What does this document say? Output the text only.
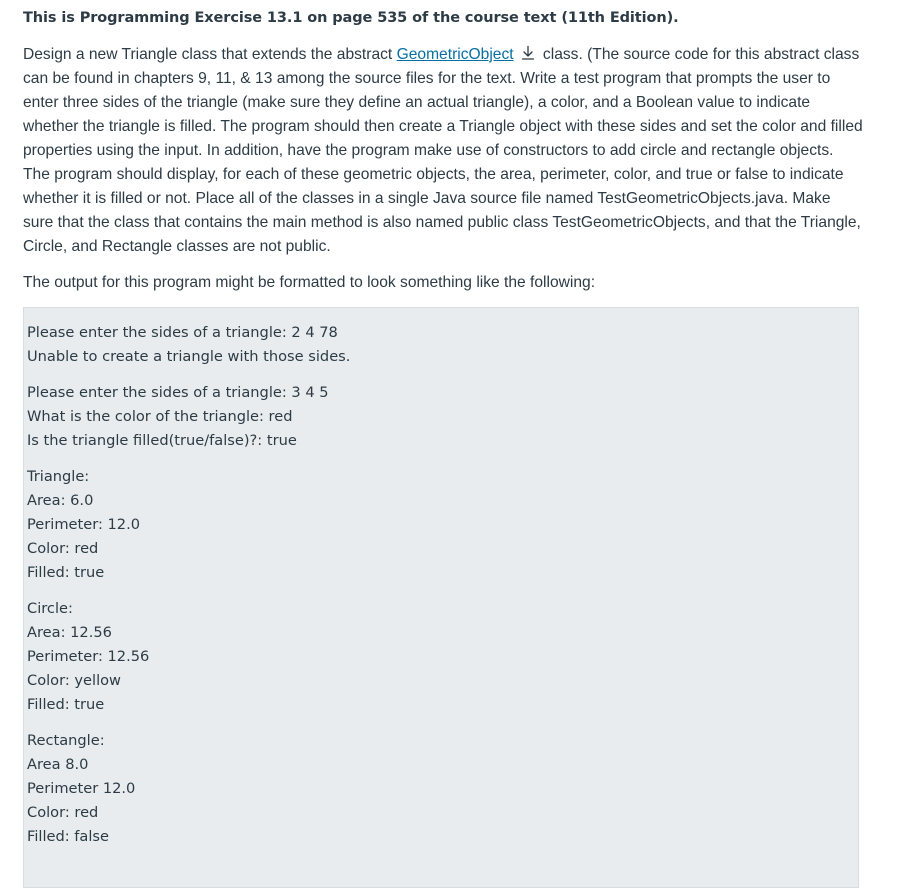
This is Programming Exercise 13.1 on page 535 of the course text (11th Edition).

Design a new Triangle class that extends the abstract GeometricObject class. (The source code for this abstract class can be found in chapters 9, 11, & 13 among the source files for the text. Write a test program that prompts the user to enter three sides of the triangle (make sure they define an actual triangle), a color, and a Boolean value to indicate whether the triangle is filled. The program should then create a Triangle object with these sides and set the color and filled properties using the input. In addition, have the program make use of constructors to add circle and rectangle objects. The program should display, for each of these geometric objects, the area, perimeter, color, and true or false to indicate whether it is filled or not. Place all of the classes in a single Java source file named TestGeometricObjects.java. Make sure that the class that contains the main method is also named public class TestGeometricObjects, and that the Triangle, Circle, and Rectangle classes are not public.

The output for this program might be formatted to look something like the following:
Please enter the sides of a triangle: 2 4 78
Unable to create a triangle with those sides.
Please enter the sides of a triangle: 3 4 5
What is the color of the triangle: red
Is the triangle filled(true/false)?: true
Triangle:
Area: 6.0
Perimeter: 12.0
Color: red
Filled: true
Circle:
Area: 12.56
Perimeter: 12.56
Color: yellow
Filled: true
Rectangle:
Area 8.0
Perimeter 12.0
Color: red
Filled: false
